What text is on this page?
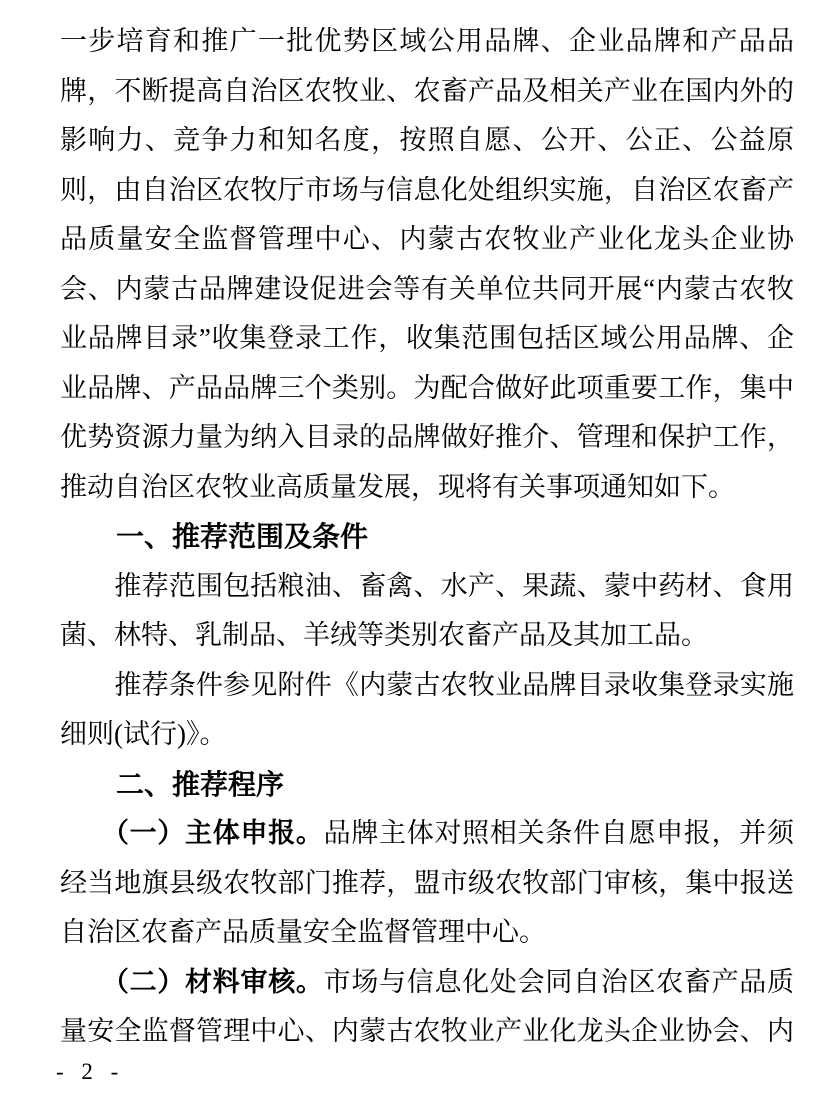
一步培育和推广一批优势区域公用品牌、企业品牌和产品品
牌，不断提高自治区农牧业、农畜产品及相关产业在国内外的
影响力、竞争力和知名度，按照自愿、公开、公正、公益原
则，由自治区农牧厅市场与信息化处组织实施，自治区农畜产
品质量安全监督管理中心、内蒙古农牧业产业化龙头企业协
会、内蒙古品牌建设促进会等有关单位共同开展“内蒙古农牧
业品牌目录”收集登录工作，收集范围包括区域公用品牌、企
业品牌、产品品牌三个类别。为配合做好此项重要工作，集中
优势资源力量为纳入目录的品牌做好推介、管理和保护工作，
推动自治区农牧业高质量发展，现将有关事项通知如下。
　　一、推荐范围及条件
　　推荐范围包括粮油、畜禽、水产、果蔬、蒙中药材、食用
菌、林特、乳制品、羊绒等类别农畜产品及其加工品。
　　推荐条件参见附件《内蒙古农牧业品牌目录收集登录实施
细则(试行)》。
　　二、推荐程序
　　（一）主体申报。品牌主体对照相关条件自愿申报，并须
经当地旗县级农牧部门推荐，盟市级农牧部门审核，集中报送
自治区农畜产品质量安全监督管理中心。
　　（二）材料审核。市场与信息化处会同自治区农畜产品质
量安全监督管理中心、内蒙古农牧业产业化龙头企业协会、内
- 2 -
